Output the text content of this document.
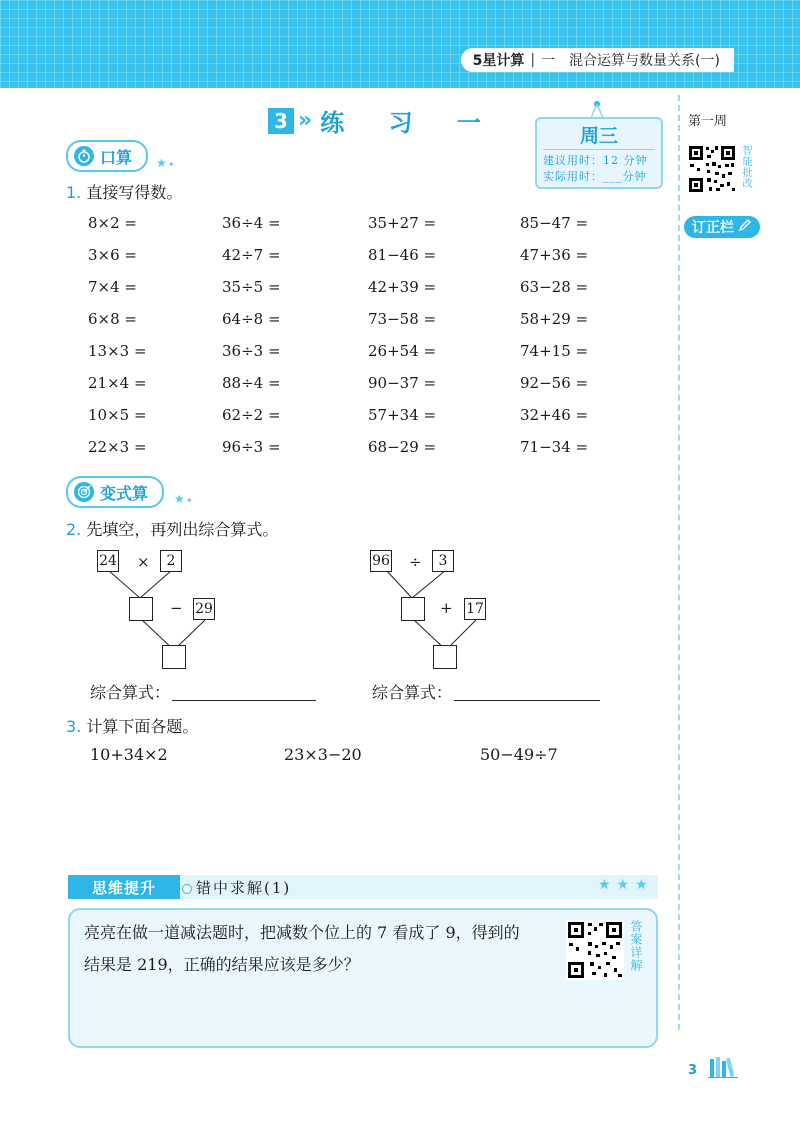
5星计算 | 一　混合运算与数量关系(一)
第一周
智能批改
订正栏
3 » 练 习 一	周三
建议用时：12 分钟
实际用时：___分钟
口算 ★ ✦
1. 直接写得数。
8×2 =	36÷4 =	35+27 =	85−47 =
3×6 =	42÷7 =	81−46 =	47+36 =
7×4 =	35÷5 =	42+39 =	63−28 =
6×8 =	64÷8 =	73−58 =	58+29 =
13×3 =	36÷3 =	26+54 =	74+15 =
21×4 =	88÷4 =	90−37 =	92−56 =
10×5 =	62÷2 =	57+34 =	32+46 =
22×3 =	96÷3 =	68−29 =	71−34 =
变式算 ★ ✦
2. 先填空，再列出综合算式。
24 ×	2
− 29
96 ÷	3
+ 17
综合算式：	综合算式：
3. 计算下面各题。
10+34×2	23×3−20	50−49÷7
思维提升	错中求解(1)	★★★
亮亮在做一道减法题时，把减数个位上的 7 看成了 9，得到的
结果是 219，正确的结果应该是多少？	答案详解
3
